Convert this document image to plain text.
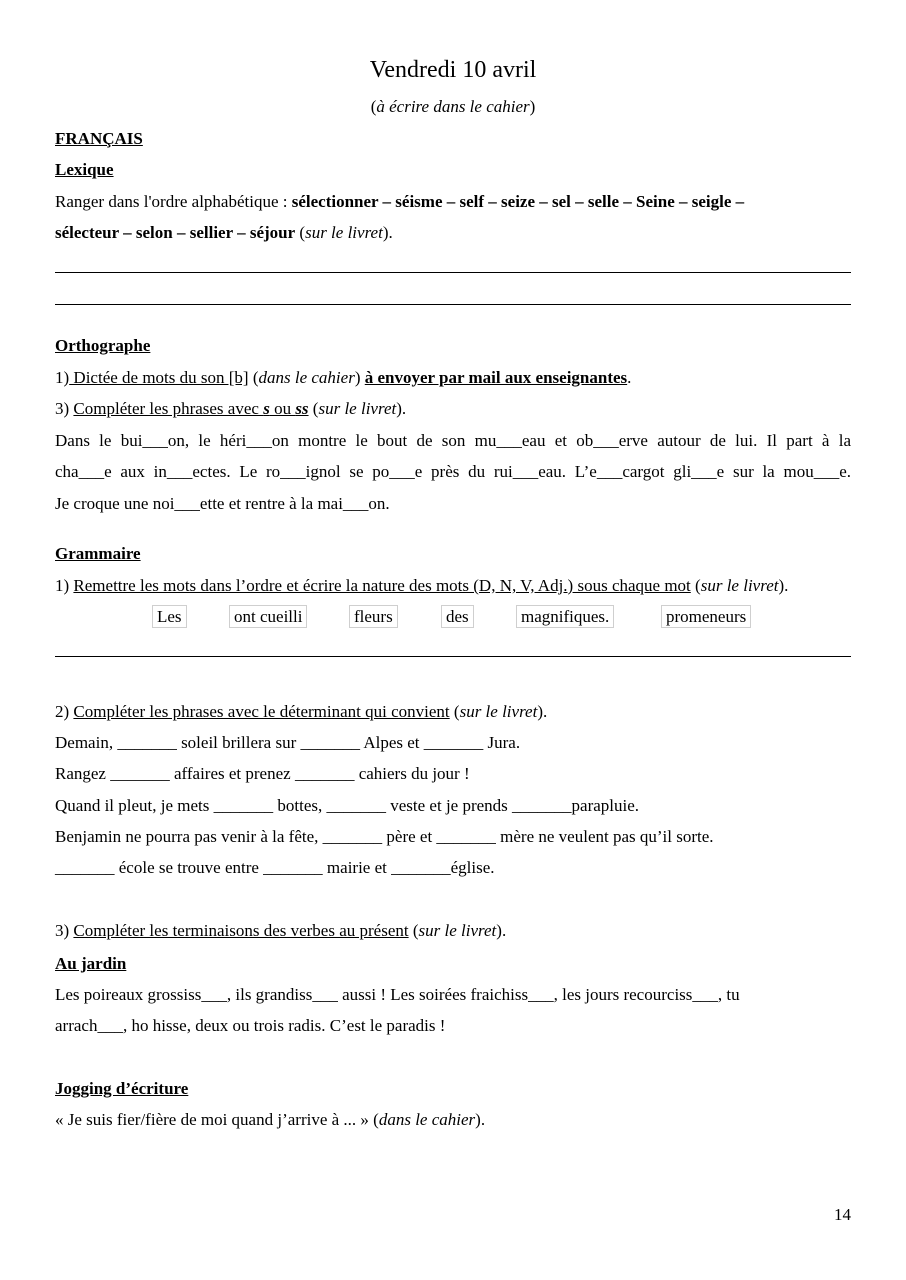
Vendredi 10 avril
(à écrire dans le cahier)
FRANÇAIS
Lexique
Ranger dans l'ordre alphabétique : sélectionner – séisme – self – seize – sel – selle – Seine – seigle –
sélecteur – selon – sellier – séjour (sur le livret).
Orthographe
1) Dictée de mots du son [b] (dans le cahier) à envoyer par mail aux enseignantes.
3) Compléter les phrases avec s ou ss (sur le livret).
Dans le bui___on, le héri___on montre le bout de son mu___eau et ob___erve autour de lui. Il part à la
cha___e aux in___ectes. Le ro___ignol se po___e près du rui___eau. L’e___cargot gli___e sur la mou___e.
Je croque une noi___ette et rentre à la mai___on.
Grammaire
1) Remettre les mots dans l’ordre et écrire la nature des mots (D, N, V, Adj.) sous chaque mot (sur le livret).
Les	ont cueilli	fleurs	des	magnifiques.	promeneurs
2) Compléter les phrases avec le déterminant qui convient (sur le livret).
Demain, _______ soleil brillera sur _______ Alpes et _______ Jura.
Rangez _______ affaires et prenez _______ cahiers du jour !
Quand il pleut, je mets _______ bottes, _______ veste et je prends _______parapluie.
Benjamin ne pourra pas venir à la fête, _______ père et _______ mère ne veulent pas qu’il sorte.
_______ école se trouve entre _______ mairie et _______église.
3) Compléter les terminaisons des verbes au présent (sur le livret).
Au jardin
Les poireaux grossiss___, ils grandiss___ aussi ! Les soirées fraichiss___, les jours recourciss___, tu
arrach___, ho hisse, deux ou trois radis. C’est le paradis !
Jogging d’écriture
« Je suis fier/fière de moi quand j’arrive à ... » (dans le cahier).
14
